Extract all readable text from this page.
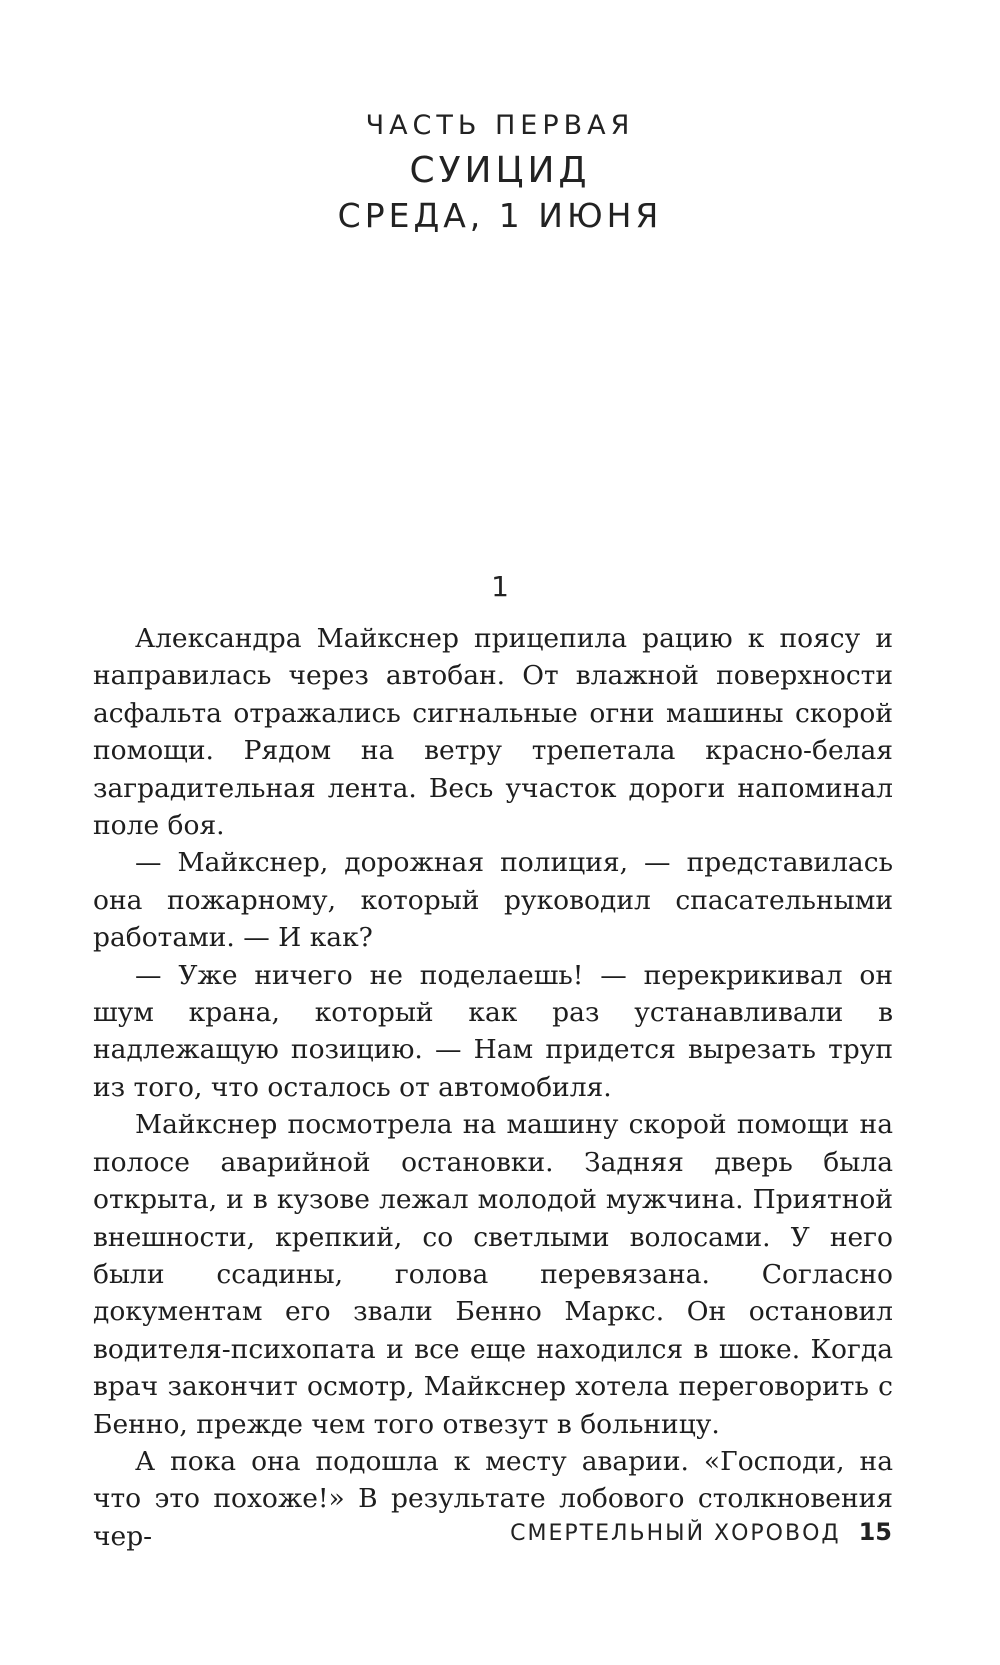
ЧАСТЬ ПЕРВАЯ
СУИЦИД
СРЕДА, 1 ИЮНЯ
1

Александра Майкснер прицепила рацию к поясу и направилась через автобан. От влажной поверхности асфальта отражались сигнальные огни машины скорой помощи. Рядом на ветру трепетала красно-белая заградительная лента. Весь участок дороги напоминал поле боя.

— Майкснер, дорожная полиция, — представилась она пожарному, который руководил спасательными работами. — И как?

— Уже ничего не поделаешь! — перекрикивал он шум крана, который как раз устанавливали в надлежащую позицию. — Нам придется вырезать труп из того, что осталось от автомобиля.

Майкснер посмотрела на машину скорой помощи на полосе аварийной остановки. Задняя дверь была открыта, и в кузове лежал молодой мужчина. Приятной внешности, крепкий, со светлыми волосами. У него были ссадины, голова перевязана. Согласно документам его звали Бенно Маркс. Он остановил водителя-психопата и все еще находился в шоке. Когда врач закончит осмотр, Майкснер хотела переговорить с Бенно, прежде чем того отвезут в больницу.

А пока она подошла к месту аварии. «Господи, на что это похоже!» В результате лобового столкновения чер-	СМЕРТЕЛЬНЫЙ ХОРОВОД 15
